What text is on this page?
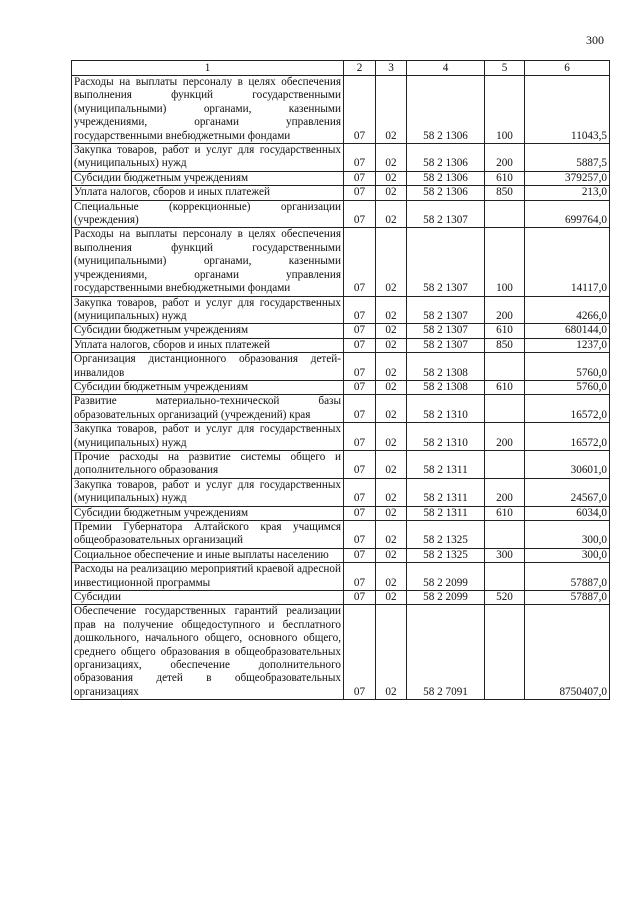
300
1	2	3	4	5	6
Расходы на выплаты персоналу в целях обеспечения выполнения функций государственными (муниципальными) органами, казенными учреждениями, органами управления государственными внебюджетными фондами	07	02	58 2 1306	100	11043,5
Закупка товаров, работ и услуг для государственных (муниципальных) нужд	07	02	58 2 1306	200	5887,5
Субсидии бюджетным учреждениям	07	02	58 2 1306	610	379257,0
Уплата налогов, сборов и иных платежей	07	02	58 2 1306	850	213,0
Специальные (коррекционные) организации (учреждения)	07	02	58 2 1307		699764,0
Расходы на выплаты персоналу в целях обеспечения выполнения функций государственными (муниципальными) органами, казенными учреждениями, органами управления государственными внебюджетными фондами	07	02	58 2 1307	100	14117,0
Закупка товаров, работ и услуг для государственных (муниципальных) нужд	07	02	58 2 1307	200	4266,0
Субсидии бюджетным учреждениям	07	02	58 2 1307	610	680144,0
Уплата налогов, сборов и иных платежей	07	02	58 2 1307	850	1237,0
Организация дистанционного образования детей-инвалидов	07	02	58 2 1308		5760,0
Субсидии бюджетным учреждениям	07	02	58 2 1308	610	5760,0
Развитие материально-технической базы образовательных организаций (учреждений) края	07	02	58 2 1310		16572,0
Закупка товаров, работ и услуг для государственных (муниципальных) нужд	07	02	58 2 1310	200	16572,0
Прочие расходы на развитие системы общего и дополнительного образования	07	02	58 2 1311		30601,0
Закупка товаров, работ и услуг для государственных (муниципальных) нужд	07	02	58 2 1311	200	24567,0
Субсидии бюджетным учреждениям	07	02	58 2 1311	610	6034,0
Премии Губернатора Алтайского края учащимся общеобразовательных организаций	07	02	58 2 1325		300,0
Социальное обеспечение и иные выплаты населению	07	02	58 2 1325	300	300,0
Расходы на реализацию мероприятий краевой адресной инвестиционной программы	07	02	58 2 2099		57887,0
Субсидии	07	02	58 2 2099	520	57887,0
Обеспечение государственных гарантий реализации прав на получение общедоступного и бесплатного дошкольного, начального общего, основного общего, среднего общего образования в общеобразовательных организациях, обеспечение дополнительного образования детей в общеобразовательных организациях	07	02	58 2 7091		8750407,0
